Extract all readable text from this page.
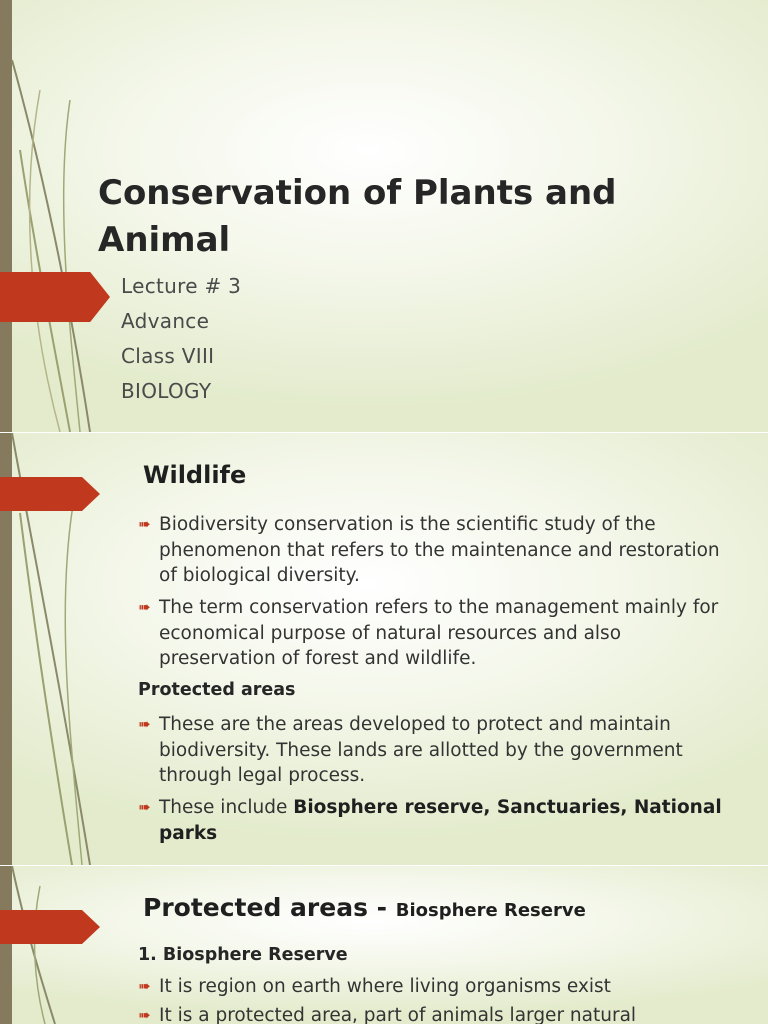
Conservation of Plants and Animal

Lecture # 3

Advance

Class VIII

BIOLOGY

Wildlife
➠ Biodiversity conservation is the scientific study of the phenomenon that refers to the maintenance and restoration of biological diversity.
➠ The term conservation refers to the management mainly for economical purpose of natural resources and also preservation of forest and wildlife.

Protected areas

➠ These are the areas developed to protect and maintain biodiversity. These lands are allotted by the government through legal process.
➠ These include Biosphere reserve, Sanctuaries, National parks
Protected areas - Biosphere Reserve

1. Biosphere Reserve

➠ It is region on earth where living organisms exist
➠ It is a protected area, part of animals larger natural
